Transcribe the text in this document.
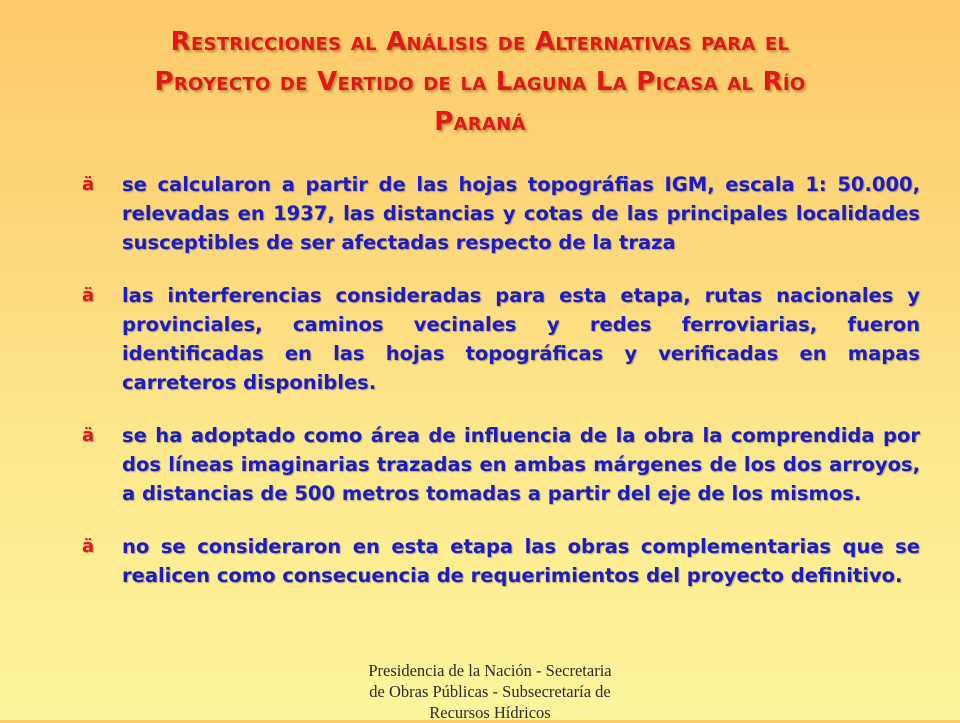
Restricciones al Análisis de Alternativas para el
Proyecto de Vertido de la Laguna La Picasa al Río
Paraná
ä se calcularon a partir de las hojas topográfias IGM, escala 1: 50.000, relevadas en 1937, las distancias y cotas de las principales localidades susceptibles de ser afectadas respecto de la traza
ä las interferencias consideradas para esta etapa, rutas nacionales y provinciales, caminos vecinales y redes ferroviarias, fueron identificadas en las hojas topográficas y verificadas en mapas carreteros disponibles.
ä se ha adoptado como área de influencia de la obra la comprendida por dos líneas imaginarias trazadas en ambas márgenes de los dos arroyos, a distancias de 500 metros tomadas a partir del eje de los mismos.
ä no se consideraron en esta etapa las obras complementarias que se realicen como consecuencia de requerimientos del proyecto definitivo.
Presidencia de la Nación - Secretaria
de Obras Públicas - Subsecretaría de
Recursos Hídricos
